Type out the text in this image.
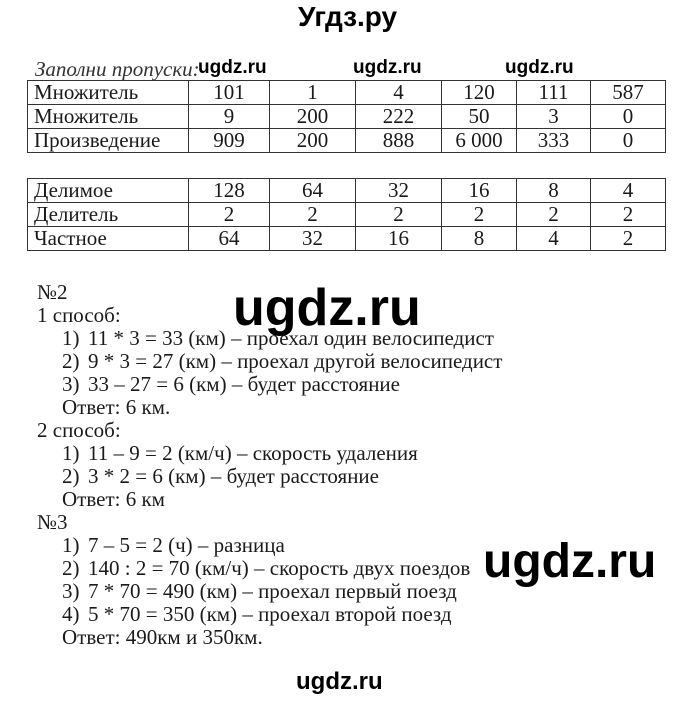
Угдз.ру
Заполни пропуски:
ugdz.ru	ugdz.ru	ugdz.ru
Множитель	101	1	4	120	111	587
Множитель	9	200	222	50	3	0
Произведение	909	200	888	6 000	333	0
Делимое	128	64	32	16	8	4
Делитель	2	2	2	2	2	2
Частное	64	32	16	8	4	2
№2
1 способ:
1) 11 * 3 = 33 (км) – проехал один велосипедист
2) 9 * 3 = 27 (км) – проехал другой велосипедист
3) 33 – 27 = 6 (км) – будет расстояние
Ответ: 6 км.
2 способ:
1) 11 – 9 = 2 (км/ч) – скорость удаления
2) 3 * 2 = 6 (км) – будет расстояние
Ответ: 6 км
№3
1) 7 – 5 = 2 (ч) – разница
2) 140 : 2 = 70 (км/ч) – скорость двух поездов
3) 7 * 70 = 490 (км) – проехал первый поезд
4) 5 * 70 = 350 (км) – проехал второй поезд
Ответ: 490км и 350км.
ugdz.ru
ugdz.ru
ugdz.ru
